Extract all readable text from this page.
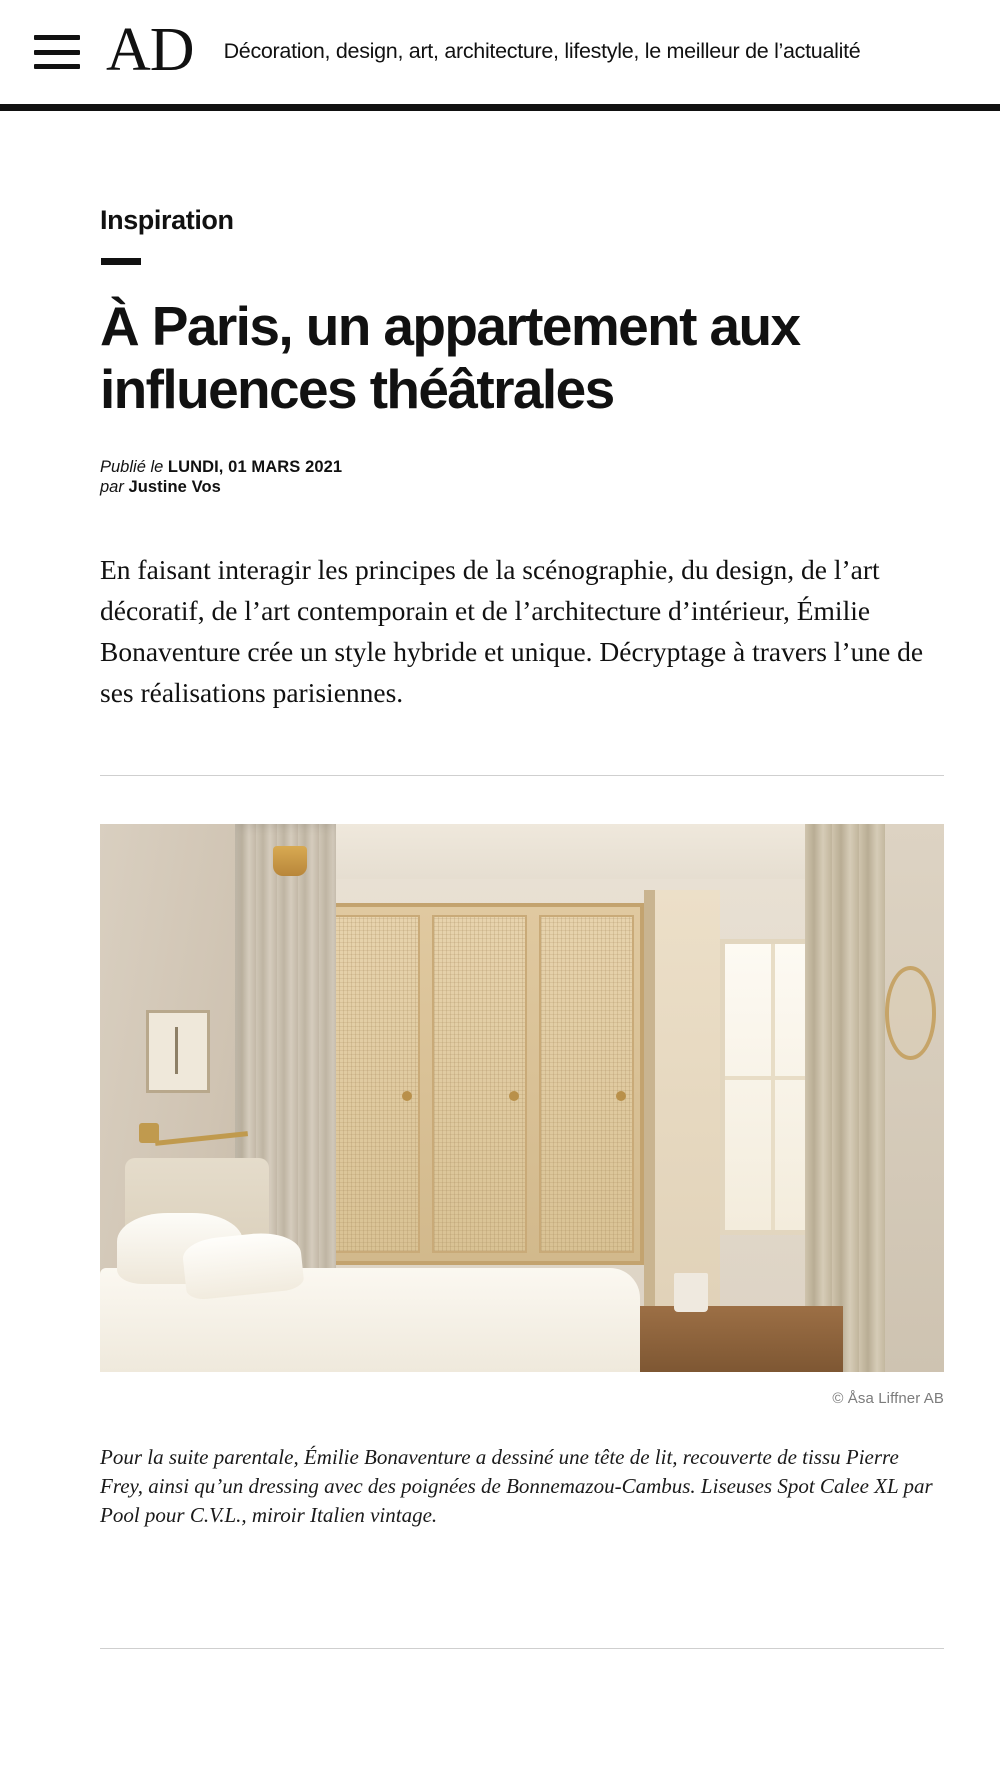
AD Décoration, design, art, architecture, lifestyle, le meilleur de l’actualité
Inspiration
À Paris, un appartement aux influences théâtrales
Publié le LUNDI, 01 MARS 2021
par Justine Vos

En faisant interagir les principes de la scénographie, du design, de l’art décoratif, de l’art contemporain et de l’architecture d’intérieur, Émilie Bonaventure crée un style hybride et unique. Décryptage à travers l’une de ses réalisations parisiennes.

© Åsa Liffner AB
Pour la suite parentale, Émilie Bonaventure a dessiné une tête de lit, recouverte de tissu Pierre Frey, ainsi qu’un dressing avec des poignées de Bonnemazou-Cambus. Liseuses Spot Calee XL par Pool pour C.V.L., miroir Italien vintage.
